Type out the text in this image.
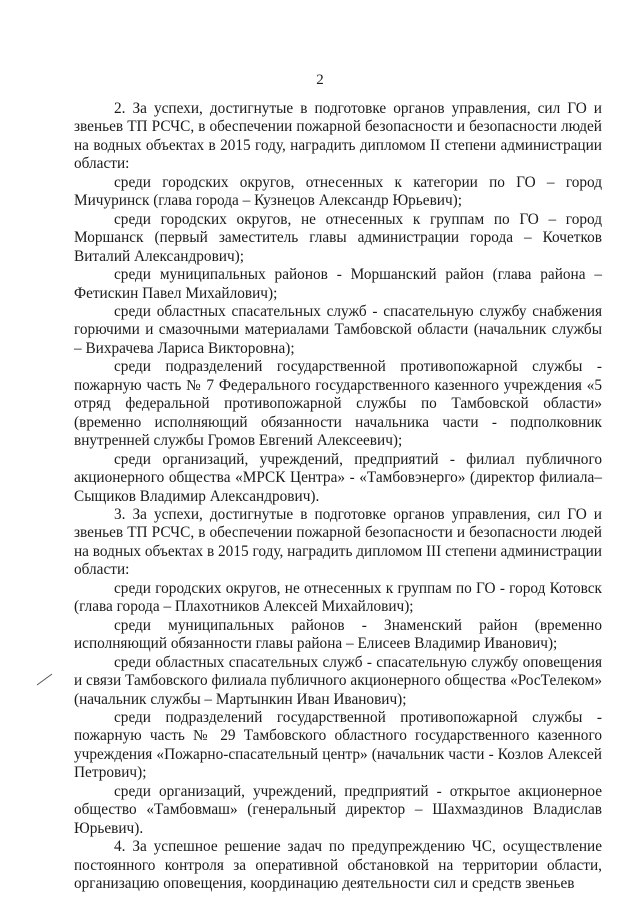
2

2. За успехи, достигнутые в подготовке органов управления, сил ГО и звеньев ТП РСЧС, в обеспечении пожарной безопасности и безопасности людей на водных объектах в 2015 году, наградить дипломом II степени администрации области:

среди городских округов, отнесенных к категории по ГО – город Мичуринск (глава города – Кузнецов Александр Юрьевич);

среди городских округов, не отнесенных к группам по ГО – город Моршанск (первый заместитель главы администрации города – Кочетков Виталий Александрович);

среди муниципальных районов - Моршанский район (глава района – Фетискин Павел Михайлович);

среди областных спасательных служб - спасательную службу снабжения горючими и смазочными материалами Тамбовской области (начальник службы – Вихрачева Лариса Викторовна);

среди подразделений государственной противопожарной службы - пожарную часть № 7 Федерального государственного казенного учреждения «5 отряд федеральной противопожарной службы по Тамбовской области» (временно исполняющий обязанности начальника части - подполковник внутренней службы Громов Евгений Алексеевич);

среди организаций, учреждений, предприятий - филиал публичного акционерного общества «МРСК Центра» - «Тамбовэнерго» (директор филиала– Сыщиков Владимир Александрович).

3. За успехи, достигнутые в подготовке органов управления, сил ГО и звеньев ТП РСЧС, в обеспечении пожарной безопасности и безопасности людей на водных объектах в 2015 году, наградить дипломом III степени администрации области:

среди городских округов, не отнесенных к группам по ГО - город Котовск (глава города – Плахотников Алексей Михайлович);

среди муниципальных районов - Знаменский район (временно исполняющий обязанности главы района – Елисеев Владимир Иванович);

среди областных спасательных служб - спасательную службу оповещения и связи Тамбовского филиала публичного акционерного общества «РосТелеком» (начальник службы – Мартынкин Иван Иванович);

среди подразделений государственной противопожарной службы - пожарную часть № 29 Тамбовского областного государственного казенного учреждения «Пожарно-спасательный центр» (начальник части - Козлов Алексей Петрович);

среди организаций, учреждений, предприятий - открытое акционерное общество «Тамбовмаш» (генеральный директор – Шахмаздинов Владислав Юрьевич).

4. За успешное решение задач по предупреждению ЧС, осуществление постоянного контроля за оперативной обстановкой на территории области, организацию оповещения, координацию деятельности сил и средств звеньев
